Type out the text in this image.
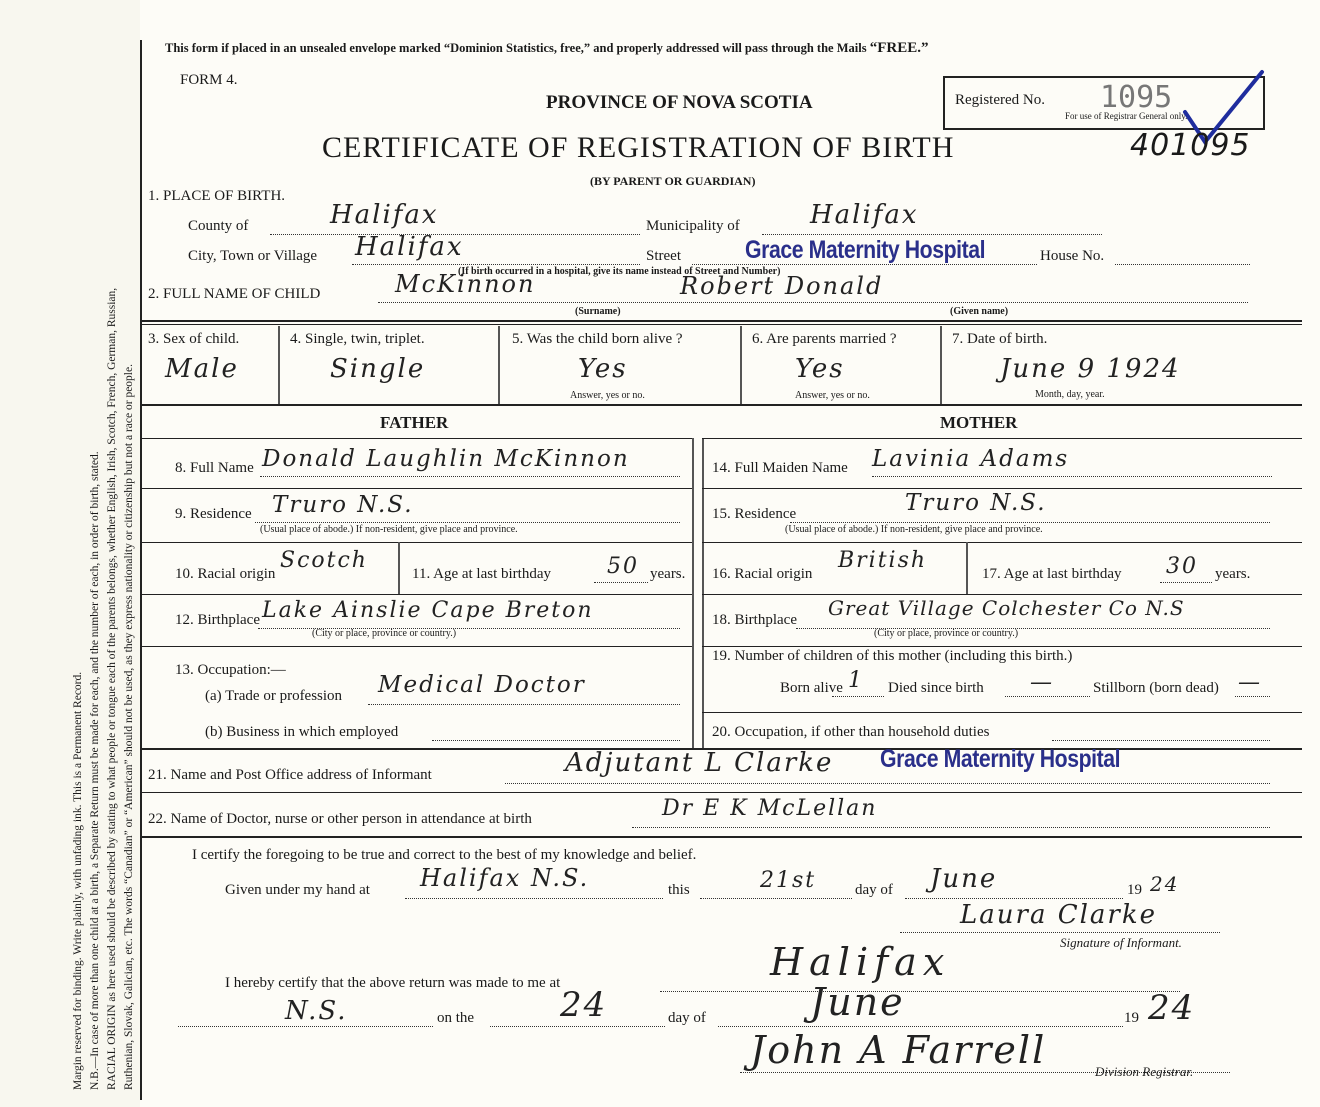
Margin reserved for binding. Write plainly, with unfading ink. This is a Permanent Record. N.B.—In case of more than one child at a birth, a Separate Return must be made for each, and the number of each, in order of birth, stated. RACIAL ORIGIN as here used should be described by stating to what people or tongue each of the parents belongs, whether English, Irish, Scotch, French, German, Russian, Ruthenian, Slovak, Galician, etc. The words “Canadian” or “American” should not be used, as they express nationality or citizenship but not a race or people.
This form if placed in an unsealed envelope marked “Dominion Statistics, free,” and properly addressed will pass through the Mails “FREE.”
FORM 4.
PROVINCE OF NOVA SCOTIA
CERTIFICATE OF REGISTRATION OF BIRTH
(BY PARENT OR GUARDIAN)
Registered No. 1095
For use of Registrar General only.
401095
1. PLACE OF BIRTH.
County of	Halifax	Municipality of	Halifax
City, Town or Village Halifax	Street	Grace Maternity Hospital	House No.
(If birth occurred in a hospital, give its name instead of Street and Number)
2. FULL NAME OF CHILD	McKinnon	Robert Donald
(Surname)	(Given name)
3. Sex of child.
Male
4. Single, twin, triplet.
Single
5. Was the child born alive ?
Yes
Answer, yes or no.
6. Are parents married ?
Yes
Answer, yes or no.
7. Date of birth.
June 9 1924
Month, day, year.
FATHER	MOTHER
8. Full Name Donald Laughlin McKinnon
9. Residence Truro N.S.
(Usual place of abode.) If non-resident, give place and province.
10. Racial origin
Scotch
11. Age at last birthday	50 years.
12. Birthplace Lake Ainslie Cape Breton
(City or place, province or country.)
13. Occupation:—
(a) Trade or profession Medical Doctor
(b) Business in which employed
14. Full Maiden Name Lavinia Adams
15. Residence	Truro N.S.
(Usual place of abode.) If non-resident, give place and province.
16. Racial origin
British
17. Age at last birthday 30 years.
18. Birthplace Great Village Colchester Co N.S
(City or place, province or country.)
19. Number of children of this mother (including this birth.)
Born alive 1 Died since birth —	Stillborn (born dead) —
20. Occupation, if other than household duties
21. Name and Post Office address of Informant	Adjutant L Clarke Grace Maternity Hospital
22. Name of Doctor, nurse or other person in attendance at birth	Dr E K McLellan
I certify the foregoing to be true and correct to the best of my knowledge and belief.
Given under my hand at Halifax N.S.	this	21st	day of June	19 24
Laura Clarke
Signature of Informant.
I hereby certify that the above return was made to me at	Halifax
N.S.	on the	24	day of	June	19 24
John A Farrell	Division Registrar.
